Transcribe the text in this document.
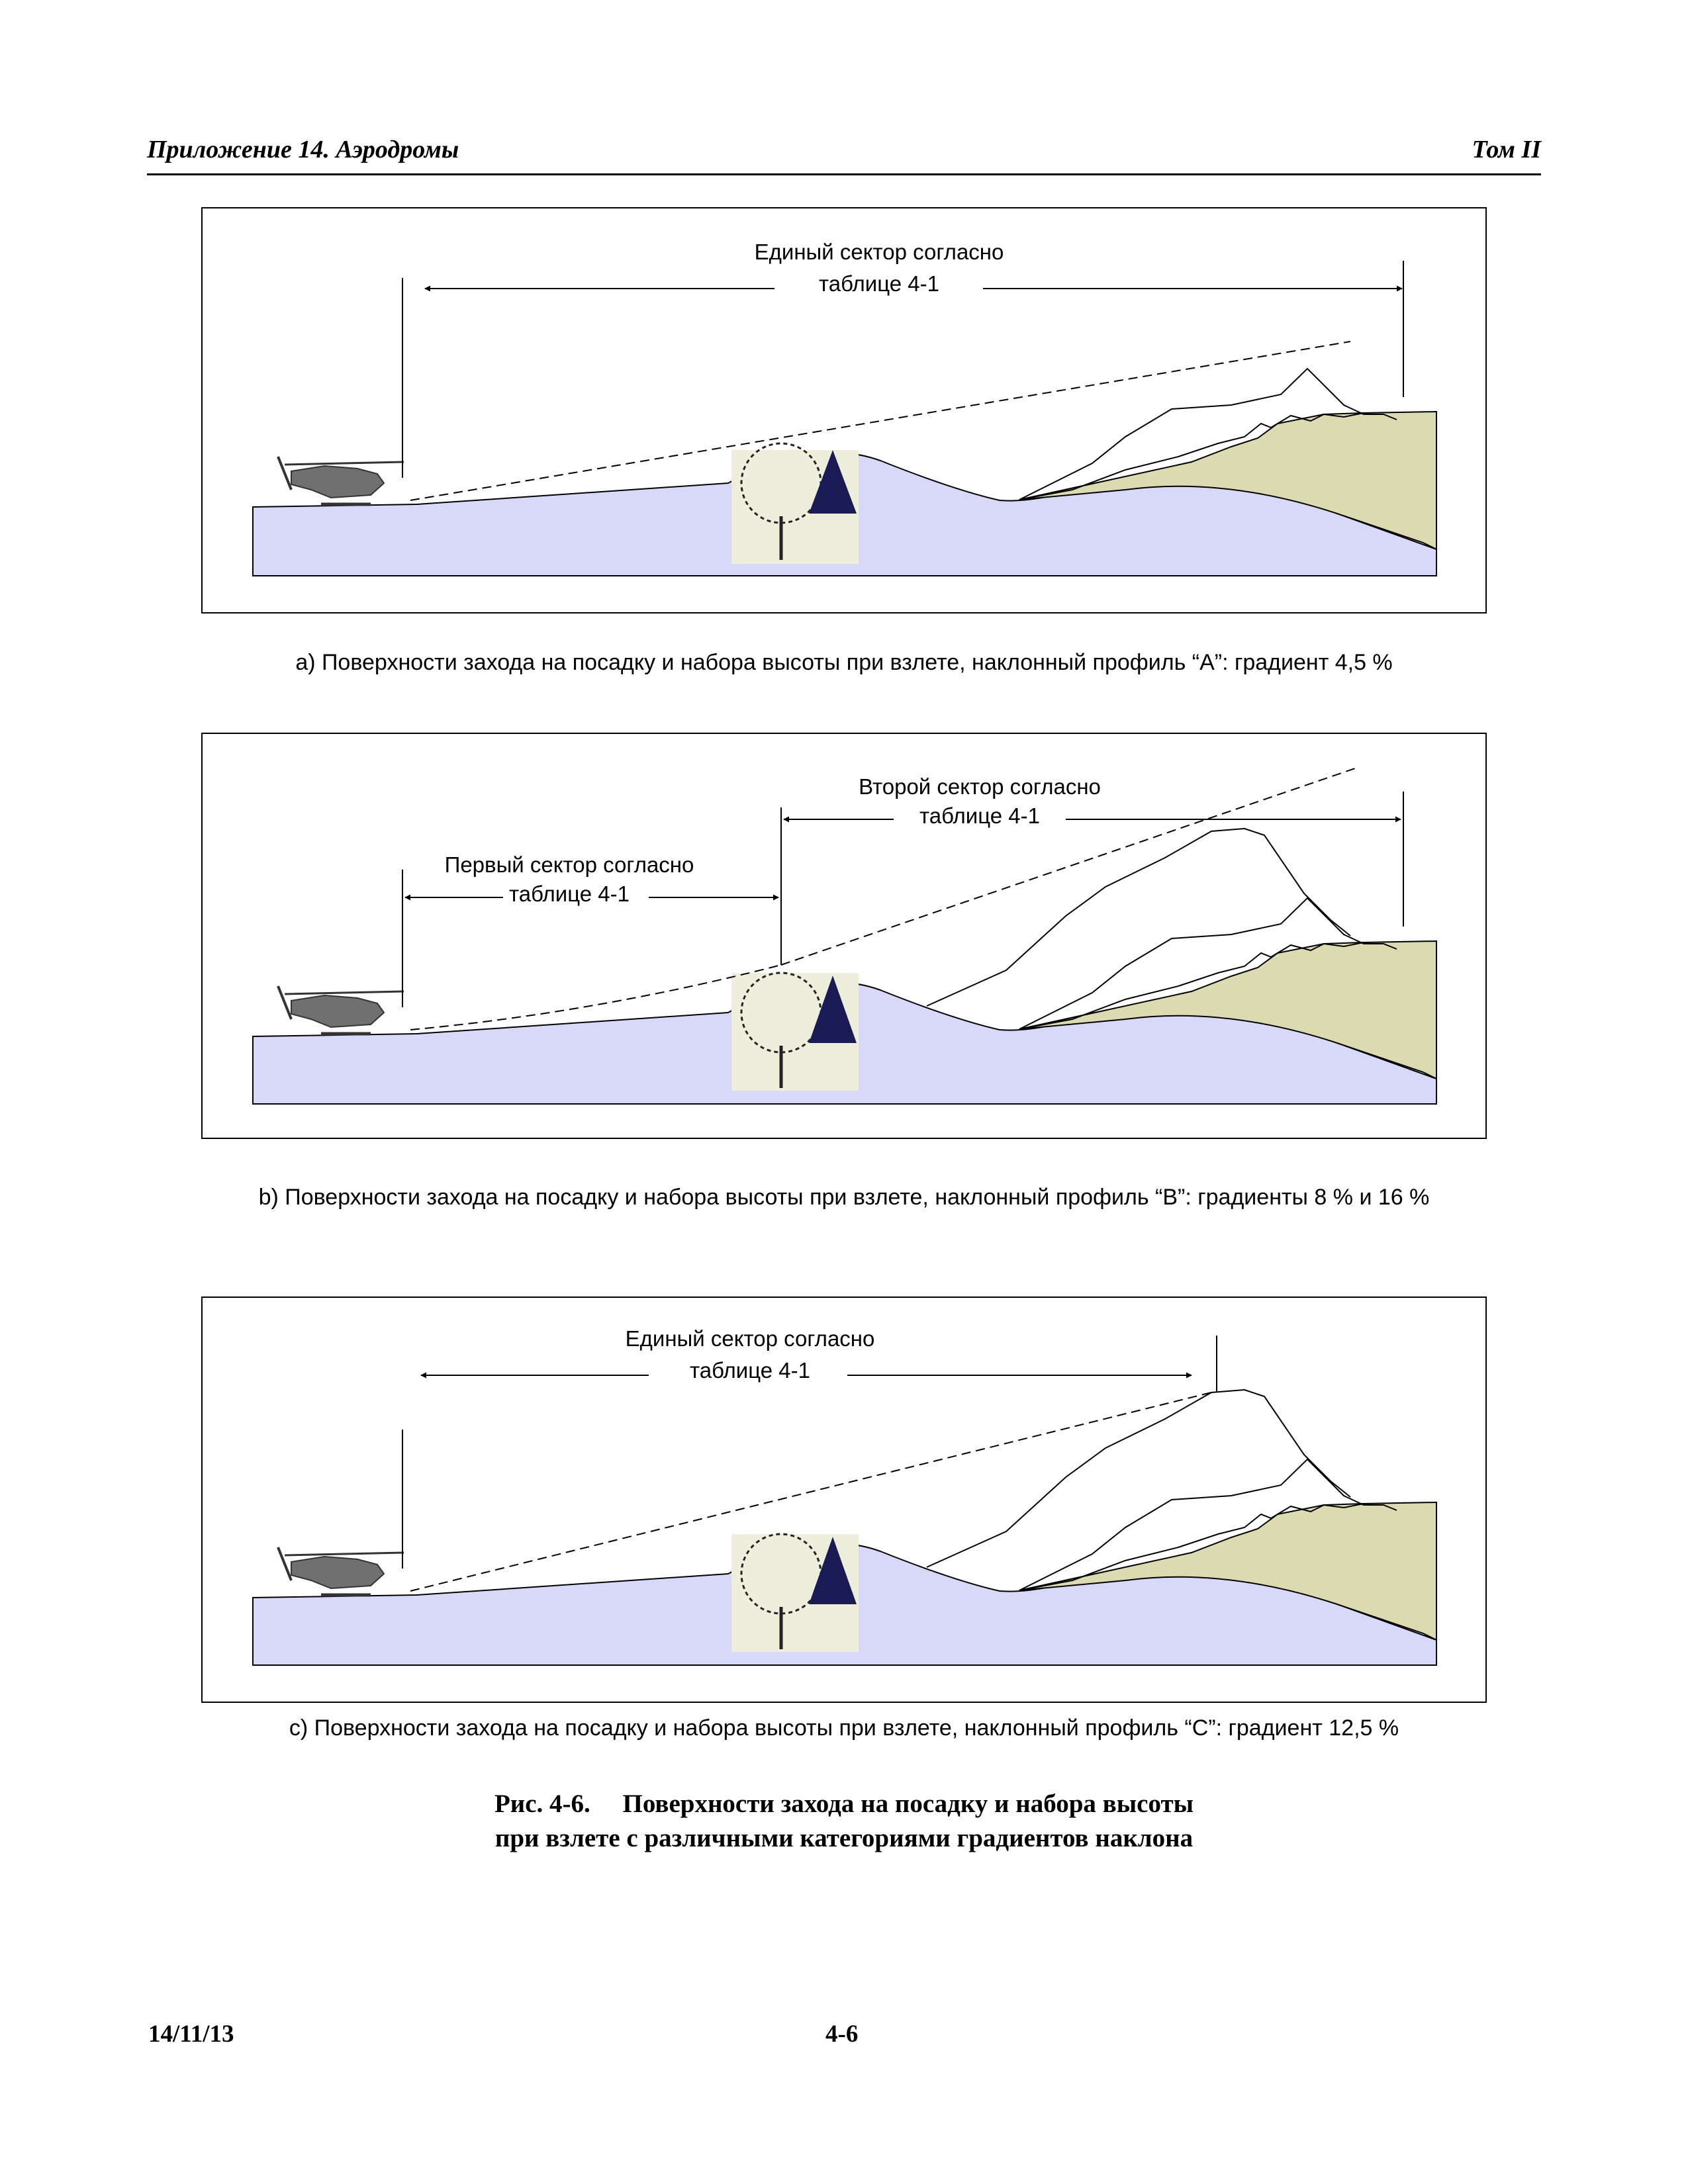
Приложение 14. Аэродромы	Том II
Единый сектор согласно
таблице 4-1
Первый сектор согласно
таблице 4-1
Второй сектор согласно
таблице 4-1
Единый сектор согласно
таблице 4-1
a) Поверхности захода на посадку и набора высоты при взлете, наклонный профиль “A”: градиент 4,5 %
b) Поверхности захода на посадку и набора высоты при взлете, наклонный профиль “B”: градиенты 8 % и 16 %
c) Поверхности захода на посадку и набора высоты при взлете, наклонный профиль “C”: градиент 12,5 %
Рис. 4-6.     Поверхности захода на посадку и набора высоты
при взлете с различными категориями градиентов наклона
14/11/13	4-6
